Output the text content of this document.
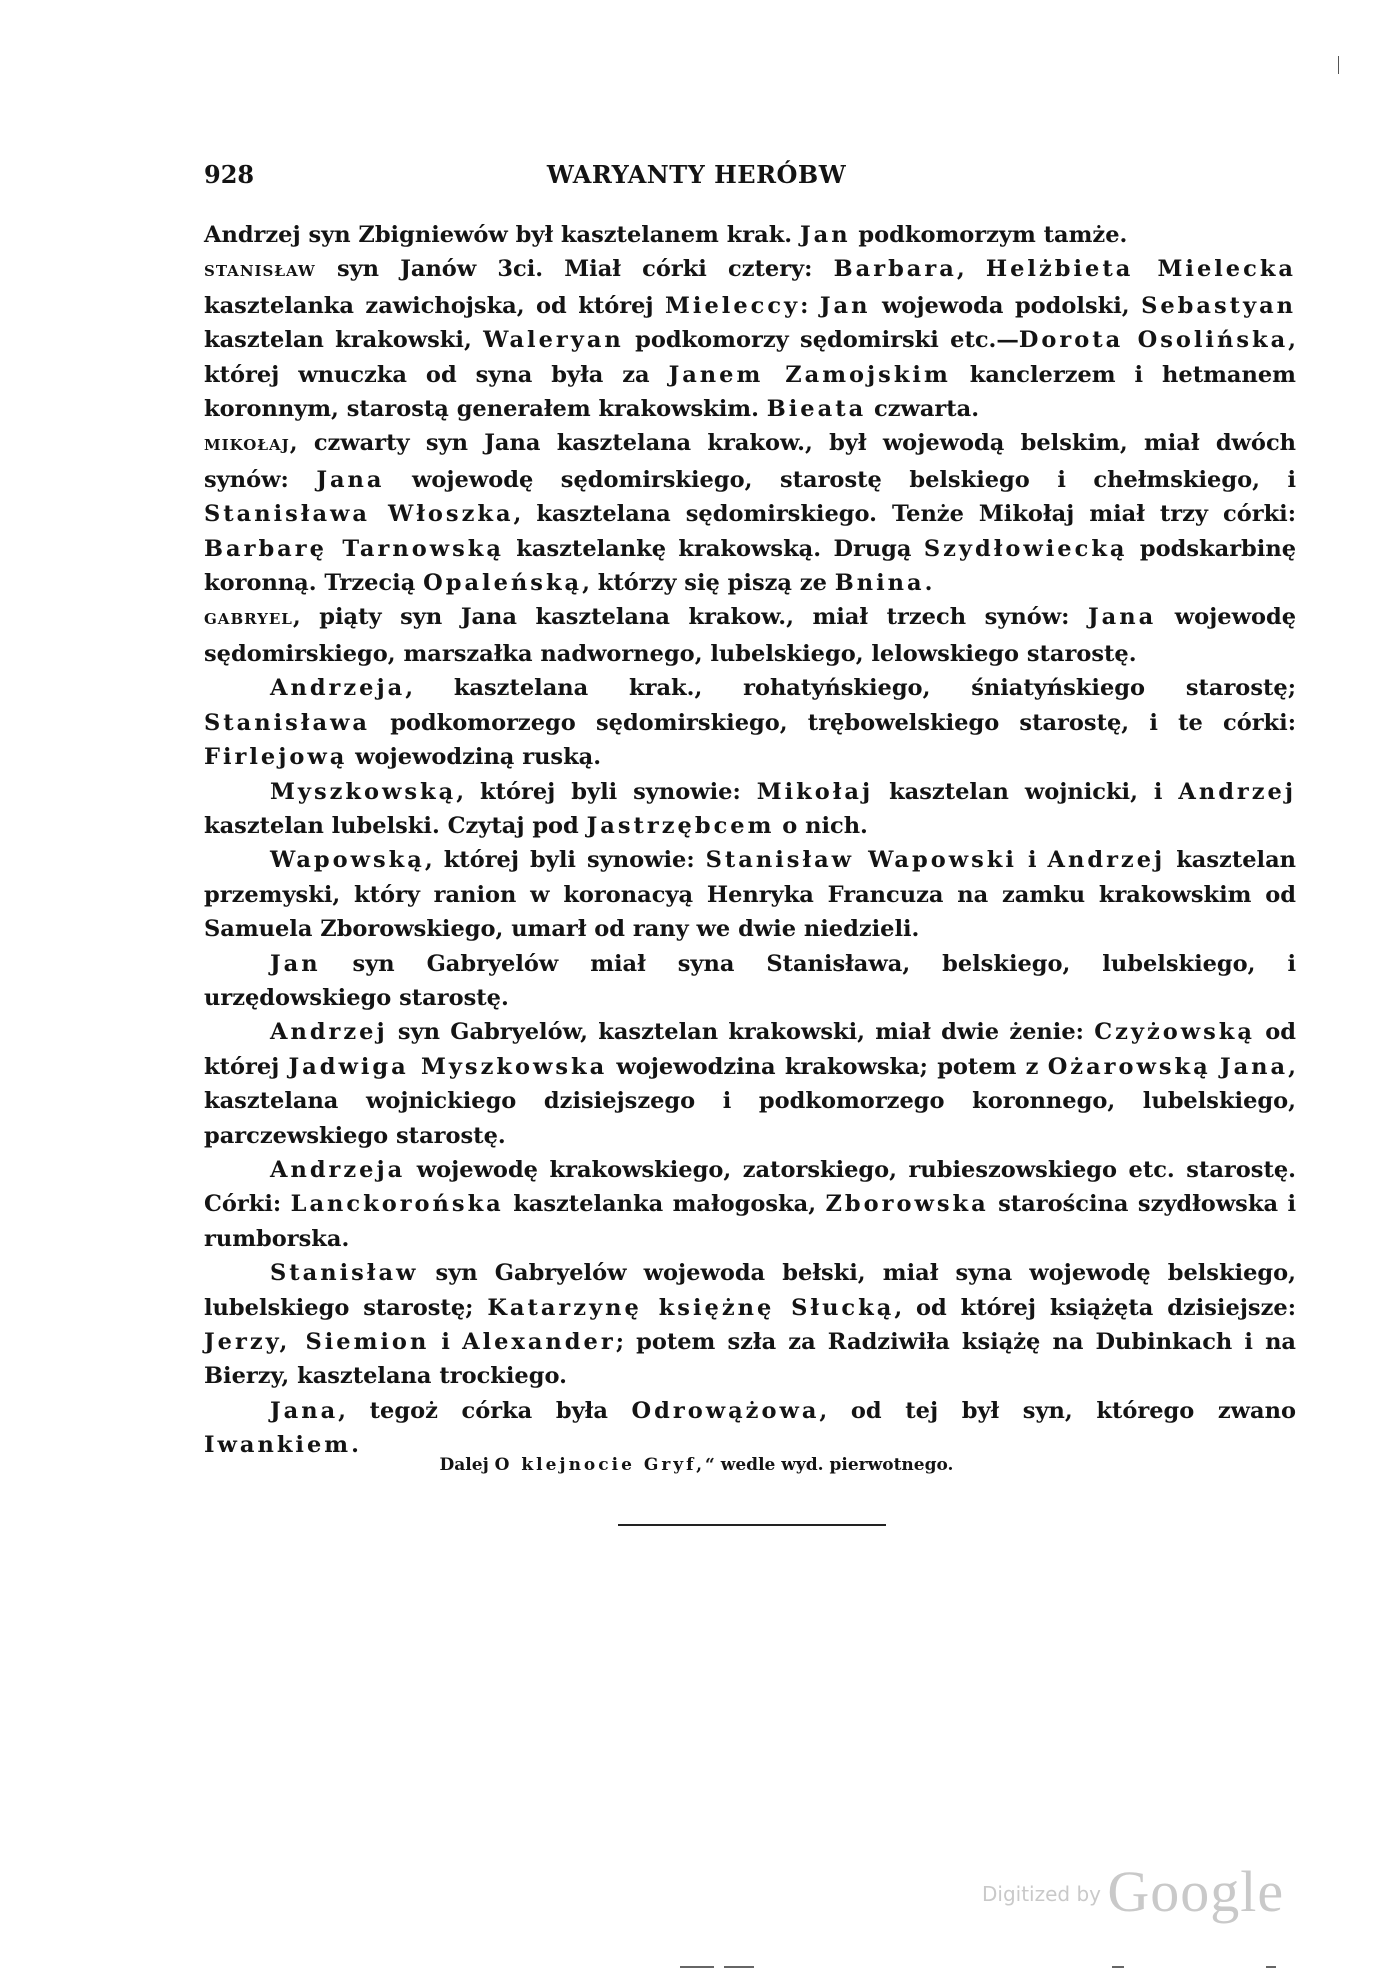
928	WARYANTY HERÓBW

Andrzej syn Zbigniewów był kasztelanem krak. Jan podkomorzym tamże.

STANISŁAW syn Janów 3ci. Miał córki cztery: Barbara, Helżbieta Mielecka kasztelanka zawichojska, od której Mieleccy: Jan wojewoda podolski, Sebastyan kasztelan krakowski, Waleryan podkomorzy sędomirski etc.—Dorota Osolińska, której wnuczka od syna była za Janem Zamojskim kanclerzem i hetmanem koronnym, starostą generałem krakowskim. Bieata czwarta.

MIKOŁAJ, czwarty syn Jana kasztelana krakow., był wojewodą belskim, miał dwóch synów: Jana wojewodę sędomirskiego, starostę belskiego i chełmskiego, i Stanisława Włoszka, kasztelana sędomirskiego. Tenże Mikołaj miał trzy córki: Barbarę Tarnowską kasztelankę krakowską. Drugą Szydłowiecką podskarbinę koronną. Trzecią Opaleńską, którzy się piszą ze Bnina.

GABRYEL, piąty syn Jana kasztelana krakow., miał trzech synów: Jana wojewodę sędomirskiego, marszałka nadwornego, lubelskiego, lelowskiego starostę.

Andrzeja, kasztelana krak., rohatyńskiego, śniatyńskiego starostę; Stanisława podkomorzego sędomirskiego, trębowelskiego starostę, i te córki: Firlejową wojewodziną ruską.

Myszkowską, której byli synowie: Mikołaj kasztelan wojnicki, i Andrzej kasztelan lubelski. Czytaj pod Jastrzębcem o nich.

Wapowską, której byli synowie: Stanisław Wapowski i Andrzej kasztelan przemyski, który ranion w koronacyą Henryka Francuza na zamku krakowskim od Samuela Zborowskiego, umarł od rany we dwie niedzieli.

Jan syn Gabryelów miał syna Stanisława, belskiego, lubelskiego, i urzędowskiego starostę.

Andrzej syn Gabryelów, kasztelan krakowski, miał dwie żenie: Czyżowską od której Jadwiga Myszkowska wojewodzina krakowska; potem z Ożarowską Jana, kasztelana wojnickiego dzisiejszego i podkomorzego koronnego, lubelskiego, parczewskiego starostę.

Andrzeja wojewodę krakowskiego, zatorskiego, rubieszowskiego etc. starostę. Córki: Lanckorońska kasztelanka małogoska, Zborowska starościna szydłowska i rumborska.

Stanisław syn Gabryelów wojewoda bełski, miał syna wojewodę belskiego, lubelskiego starostę; Katarzynę księżnę Słucką, od której książęta dzisiejsze: Jerzy, Siemion i Alexander; potem szła za Radziwiła książę na Dubinkach i na Bierzy, kasztelana trockiego.

Jana, tegoż córka była Odrowążowa, od tej był syn, którego zwano Iwankiem.

Dalej O klejnocie Gryf,“ wedle wyd. pierwotnego.
Digitized by Google
